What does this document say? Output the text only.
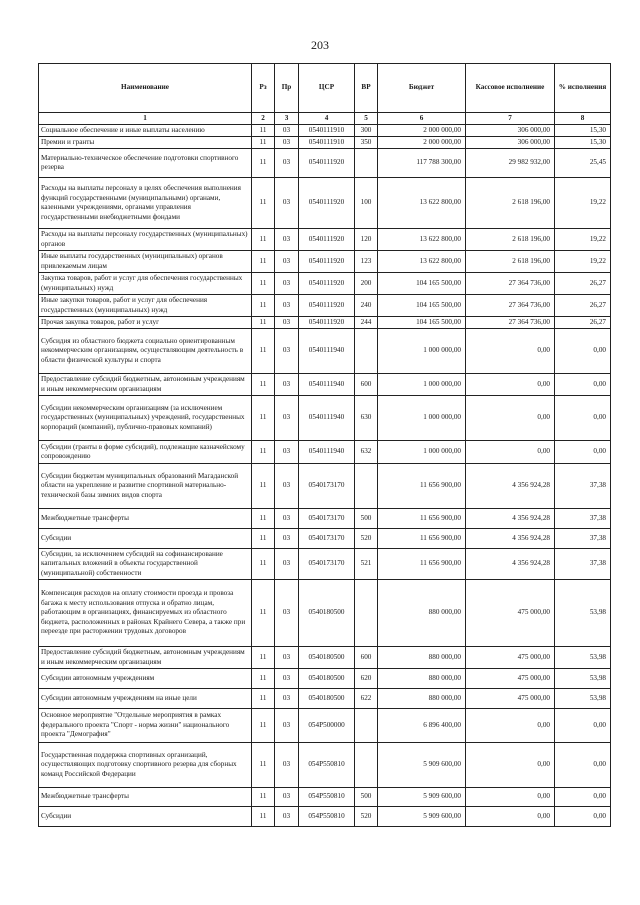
203
Наименование	Рз	Пр	ЦСР	ВР	Бюджет	Кассовое исполнение	% исполнения
1	2	3	4	5	6	7	8
Социальное обеспечение и иные выплаты населению	11	03	0540111910	300	2 000 000,00	306 000,00	15,30
Премии и гранты	11	03	0540111910	350	2 000 000,00	306 000,00	15,30
Материально-техническое обеспечение подготовки спортивного резерва	11	03	0540111920		117 788 300,00	29 982 932,00	25,45
Расходы на выплаты персоналу в целях обеспечения выполнения функций государственными (муниципальными) органами, казенными учреждениями, органами управления государственными внебюджетными фондами	11	03	0540111920	100	13 622 800,00	2 618 196,00	19,22
Расходы на выплаты персоналу государственных (муниципальных) органов	11	03	0540111920	120	13 622 800,00	2 618 196,00	19,22
Иные выплаты государственных (муниципальных) органов привлекаемым лицам	11	03	0540111920	123	13 622 800,00	2 618 196,00	19,22
Закупка товаров, работ и услуг для обеспечения государственных (муниципальных) нужд	11	03	0540111920	200	104 165 500,00	27 364 736,00	26,27
Иные закупки товаров, работ и услуг для обеспечения государственных (муниципальных) нужд	11	03	0540111920	240	104 165 500,00	27 364 736,00	26,27
Прочая закупка товаров, работ и услуг	11	03	0540111920	244	104 165 500,00	27 364 736,00	26,27
Субсидия из областного бюджета социально ориентированным некоммерческим организациям, осуществляющим деятельность в области физической культуры и спорта	11	03	0540111940		1 000 000,00	0,00	0,00
Предоставление субсидий бюджетным, автономным учреждениям и иным некоммерческим организациям	11	03	0540111940	600	1 000 000,00	0,00	0,00
Субсидии некоммерческим организациям (за исключением государственных (муниципальных) учреждений, государственных корпораций (компаний), публично-правовых компаний)	11	03	0540111940	630	1 000 000,00	0,00	0,00
Субсидии (гранты в форме субсидий), подлежащие казначейскому сопровождению	11	03	0540111940	632	1 000 000,00	0,00	0,00
Субсидии бюджетам муниципальных образований Магаданской области на укрепление и развитие спортивной материально-технической базы зимних видов спорта	11	03	0540173170		11 656 900,00	4 356 924,28	37,38
Межбюджетные трансферты	11	03	0540173170	500	11 656 900,00	4 356 924,28	37,38
Субсидии	11	03	0540173170	520	11 656 900,00	4 356 924,28	37,38
Субсидии, за исключением субсидий на софинансирование капитальных вложений в объекты государственной (муниципальной) собственности	11	03	0540173170	521	11 656 900,00	4 356 924,28	37,38
Компенсация расходов на оплату стоимости проезда и провоза багажа к месту использования отпуска и обратно лицам, работающим в организациях, финансируемых из областного бюджета, расположенных в районах Крайнего Севера, а также при переезде при расторжении трудовых договоров	11	03	0540180500		880 000,00	475 000,00	53,98
Предоставление субсидий бюджетным, автономным учреждениям и иным некоммерческим организациям	11	03	0540180500	600	880 000,00	475 000,00	53,98
Субсидии автономным учреждениям	11	03	0540180500	620	880 000,00	475 000,00	53,98
Субсидии автономным учреждениям на иные цели	11	03	0540180500	622	880 000,00	475 000,00	53,98
Основное мероприятие "Отдельные мероприятия в рамках федерального проекта "Спорт - норма жизни" национального проекта "Демография"	11	03	054P500000		6 896 400,00	0,00	0,00
Государственная поддержка спортивных организаций, осуществляющих подготовку спортивного резерва для сборных команд Российской Федерации	11	03	054P550810		5 909 600,00	0,00	0,00
Межбюджетные трансферты	11	03	054P550810	500	5 909 600,00	0,00	0,00
Субсидии	11	03	054P550810	520	5 909 600,00	0,00	0,00
